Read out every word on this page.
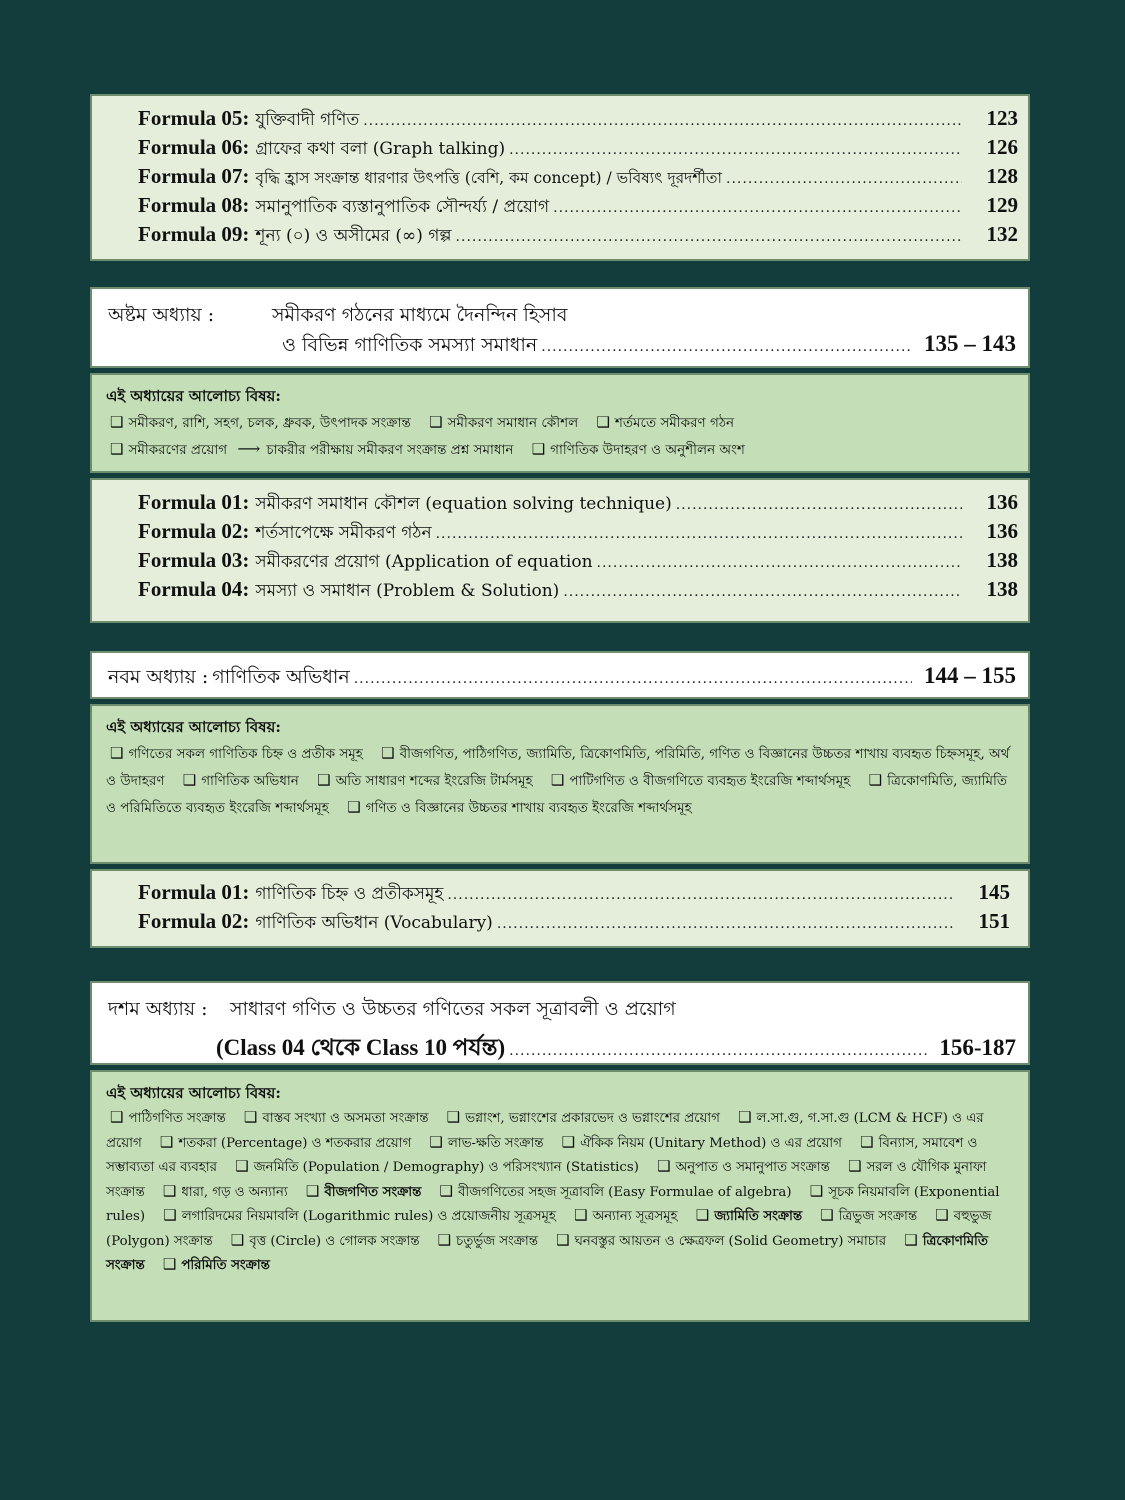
Formula 05: যুক্তিবাদী গণিত .....	123
Formula 06: গ্রাফের কথা বলা (Graph talking) .....	126
Formula 07: বৃদ্ধি হ্রাস সংক্রান্ত ধারণার উৎপত্তি (বেশি, কম concept) / ভবিষ্যৎ দূরদর্শীতা .....	128
Formula 08: সমানুপাতিক ব্যস্তানুপাতিক সৌন্দর্য্য / প্রয়োগ .....	129
Formula 09: শূন্য (০) ও অসীমের (∞) গল্প .....	132
অষ্টম অধ্যায় :	সমীকরণ গঠনের মাধ্যমে দৈনন্দিন হিসাব
ও বিভিন্ন গাণিতিক সমস্যা সমাধান .....	135 – 143
এই অধ্যায়ের আলোচ্য বিষয়:
❑ সমীকরণ, রাশি, সহগ, চলক, ধ্রুবক, উৎপাদক সংক্রান্ত ❑ সমীকরণ সমাধান কৌশল ❑ শর্তমতে সমীকরণ গঠন
❑ সমীকরণের প্রয়োগ ⟶ চাকরীর পরীক্ষায় সমীকরণ সংক্রান্ত প্রশ্ন সমাধান ❑ গাণিতিক উদাহরণ ও অনুশীলন অংশ
Formula 01: সমীকরণ সমাধান কৌশল (equation solving technique) .....	136
Formula 02: শর্তসাপেক্ষে সমীকরণ গঠন .....	136
Formula 03: সমীকরণের প্রয়োগ (Application of equation .....	138
Formula 04: সমস্যা ও সমাধান (Problem & Solution) .....	138
নবম অধ্যায় : গাণিতিক অভিধান .....	144 – 155
এই অধ্যায়ের আলোচ্য বিষয়:
❑ গণিতের সকল গাণিতিক চিহ্ন ও প্রতীক সমূহ ❑ বীজগণিত, পাঠিগণিত, জ্যামিতি, ত্রিকোণমিতি, পরিমিতি, গণিত ও বিজ্ঞানের উচ্চতর শাখায় ব্যবহৃত চিহ্নসমূহ, অর্থ ও উদাহরণ ❑ গাণিতিক অভিধান ❑ অতি সাধারণ শব্দের ইংরেজি টার্মসমূহ ❑ পাটিগণিত ও বীজগণিতে ব্যবহৃত ইংরেজি শব্দার্থসমূহ ❑ ত্রিকোণমিতি, জ্যামিতি ও পরিমিতিতে ব্যবহৃত ইংরেজি শব্দার্থসমূহ ❑ গণিত ও বিজ্ঞানের উচ্চতর শাখায় ব্যবহৃত ইংরেজি শব্দার্থসমূহ
Formula 01: গাণিতিক চিহ্ন ও প্রতীকসমূহ .....	145
Formula 02: গাণিতিক অভিধান (Vocabulary) .....	151
দশম অধ্যায় : সাধারণ গণিত ও উচ্চতর গণিতের সকল সূত্রাবলী ও প্রয়োগ
(Class 04 থেকে Class 10 পর্যন্ত) .....	156-187
এই অধ্যায়ের আলোচ্য বিষয়:
❑ পাঠিগণিত সংক্রান্ত ❑ বাস্তব সংখ্যা ও অসমতা সংক্রান্ত ❑ ভগ্নাংশ, ভগ্নাংশের প্রকারভেদ ও ভগ্নাংশের প্রয়োগ ❑ ল.সা.গু, গ.সা.গু (LCM & HCF) ও এর প্রয়োগ ❑ শতকরা (Percentage) ও শতকরার প্রয়োগ ❑ লাভ-ক্ষতি সংক্রান্ত ❑ ঐকিক নিয়ম (Unitary Method) ও এর প্রয়োগ ❑ বিন্যাস, সমাবেশ ও সম্ভাব্যতা এর ব্যবহার ❑ জনমিতি (Population / Demography) ও পরিসংখ্যান (Statistics) ❑ অনুপাত ও সমানুপাত সংক্রান্ত ❑ সরল ও যৌগিক মুনাফা সংক্রান্ত ❑ ধারা, গড় ও অন্যান্য ❑ বীজগণিত সংক্রান্ত ❑ বীজগণিতের সহজ সূত্রাবলি (Easy Formulae of algebra) ❑ সূচক নিয়মাবলি (Exponential rules) ❑ লগারিদমের নিয়মাবলি (Logarithmic rules) ও প্রয়োজনীয় সূত্রসমূহ ❑ অন্যান্য সূত্রসমূহ ❑ জ্যামিতি সংক্রান্ত ❑ ত্রিভুজ সংক্রান্ত ❑ বহুভুজ (Polygon) সংক্রান্ত ❑ বৃত্ত (Circle) ও গোলক সংক্রান্ত ❑ চতুর্ভুজ সংক্রান্ত ❑ ঘনবস্তুর আয়তন ও ক্ষেত্রফল (Solid Geometry) সমাচার ❑ ত্রিকোণমিতি সংক্রান্ত ❑ পরিমিতি সংক্রান্ত
